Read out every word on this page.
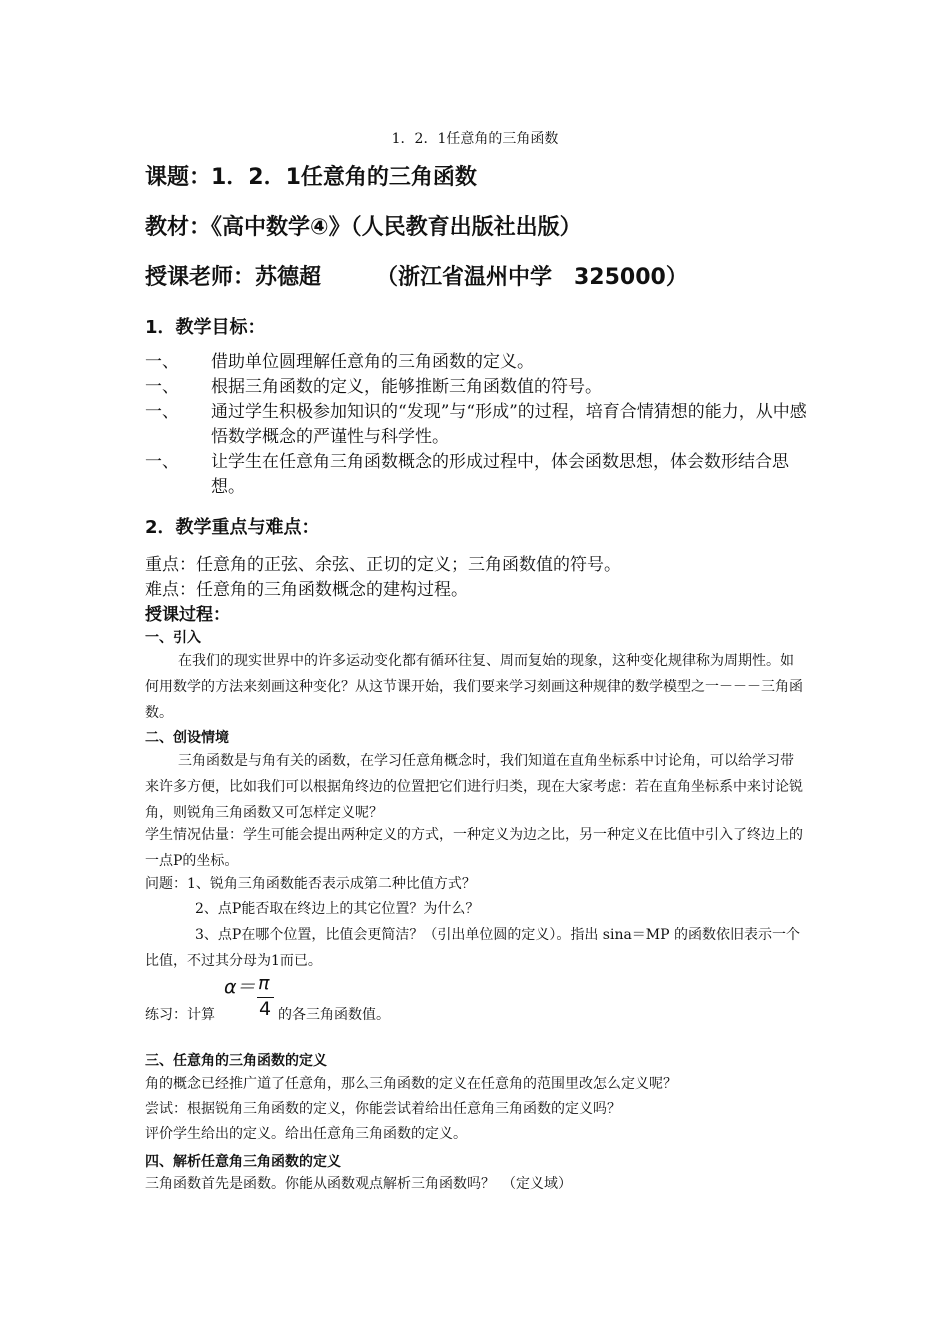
1．2．1任意角的三角函数
课题：1．2．1任意角的三角函数
教材：《高中数学④》（人民教育出版社出版）
授课老师：苏德超　　　（浙江省温州中学　325000）
1．教学目标：
一、 借助单位圆理解任意角的三角函数的定义。
一、 根据三角函数的定义，能够推断三角函数值的符号。
一、 通过学生积极参加知识的“发现”与“形成”的过程，培育合情猜想的能力，从中感悟数学概念的严谨性与科学性。
一、 让学生在任意角三角函数概念的形成过程中，体会函数思想，体会数形结合思想。
2．教学重点与难点：
重点：任意角的正弦、余弦、正切的定义；三角函数值的符号。
难点：任意角的三角函数概念的建构过程。
授课过程：
一、引入
在我们的现实世界中的许多运动变化都有循环往复、周而复始的现象，这种变化规律称为周期性。如何用数学的方法来刻画这种变化？从这节课开始，我们要来学习刻画这种规律的数学模型之一－－－三角函数。
二、创设情境
三角函数是与角有关的函数，在学习任意角概念时，我们知道在直角坐标系中讨论角，可以给学习带来许多方便，比如我们可以根据角终边的位置把它们进行归类，现在大家考虑：若在直角坐标系中来讨论锐角，则锐角三角函数又可怎样定义呢？
学生情况估量：学生可能会提出两种定义的方式，一种定义为边之比，另一种定义在比值中引入了终边上的一点P的坐标。
问题：1、锐角三角函数能否表示成第二种比值方式？
2、点P能否取在终边上的其它位置？为什么？
3、点P在哪个位置，比值会更简洁？（引出单位圆的定义）。指出 sina＝MP 的函数依旧表示一个比值，不过其分母为1而已。
练习：计算
α＝ π
4 的各三角函数值。
三、任意角的三角函数的定义
角的概念已经推广道了任意角，那么三角函数的定义在任意角的范围里改怎么定义呢？
尝试：根据锐角三角函数的定义，你能尝试着给出任意角三角函数的定义吗？
评价学生给出的定义。给出任意角三角函数的定义。
四、解析任意角三角函数的定义
三角函数首先是函数。你能从函数观点解析三角函数吗？　（定义域）
